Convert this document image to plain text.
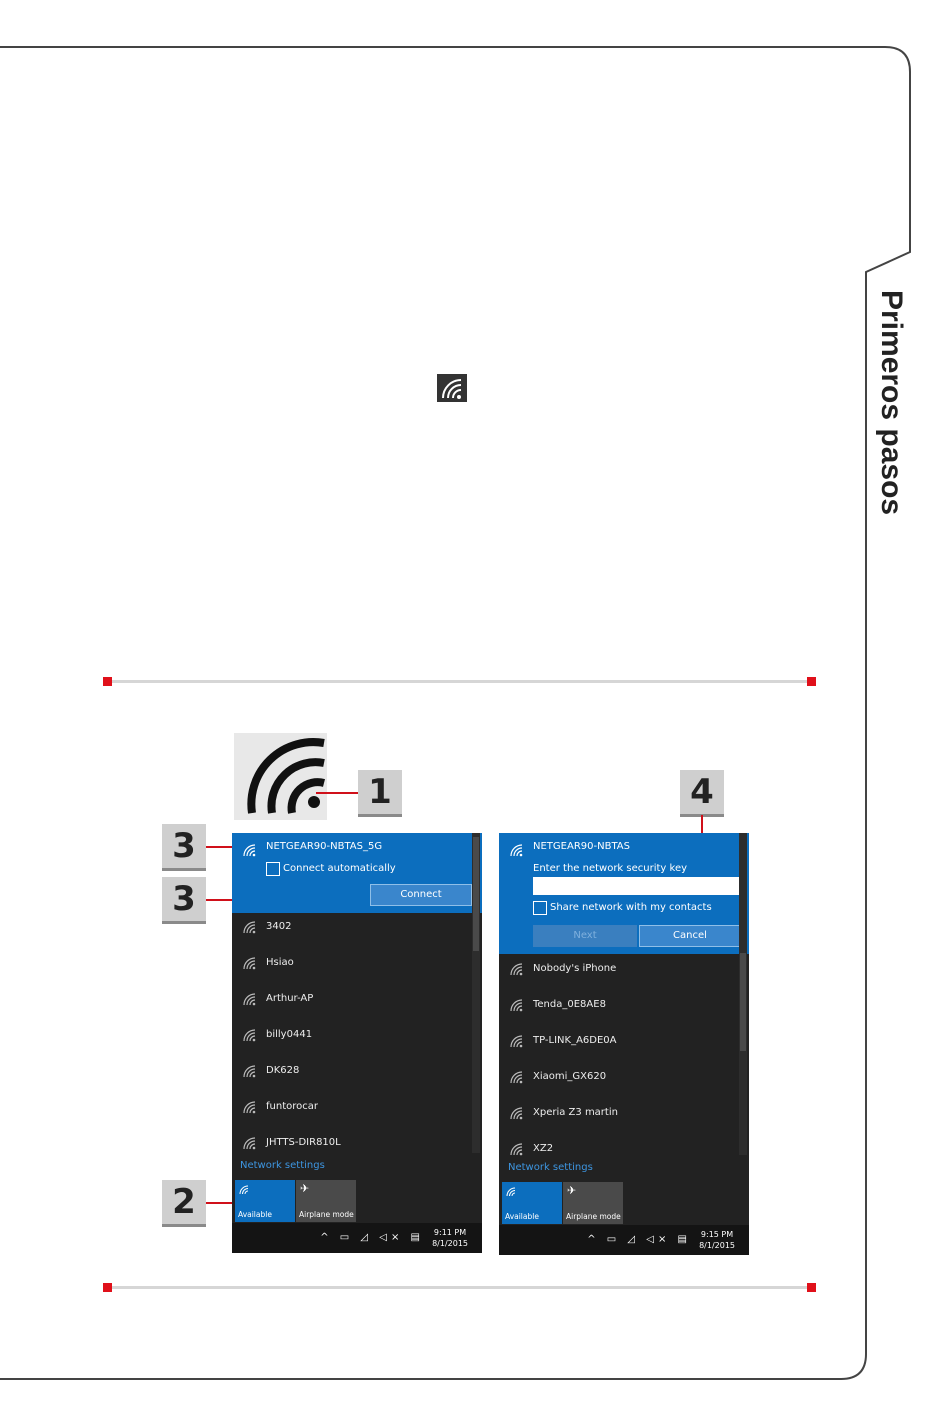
Primeros pasos
1	4
3
3
2
NETGEAR90-NBTAS_5G
Connect automatically
Connect
3402
Hsiao
Arthur-AP
billy0441
DK628
funtorocar
JHTTS-DIR810L
Network settings
Available
✈
Airplane mode
^ ▭ ◿ ◁× ▤ 9:11 PM
8/1/2015
NETGEAR90-NBTAS
Enter the network security key
Share network with my contacts
Next	Cancel
Nobody's iPhone
Tenda_0E8AE8
TP-LINK_A6DE0A
Xiaomi_GX620
Xperia Z3 martin
XZ2
Network settings
Available
✈
Airplane mode
^ ▭ ◿ ◁× ▤ 9:15 PM
8/1/2015
